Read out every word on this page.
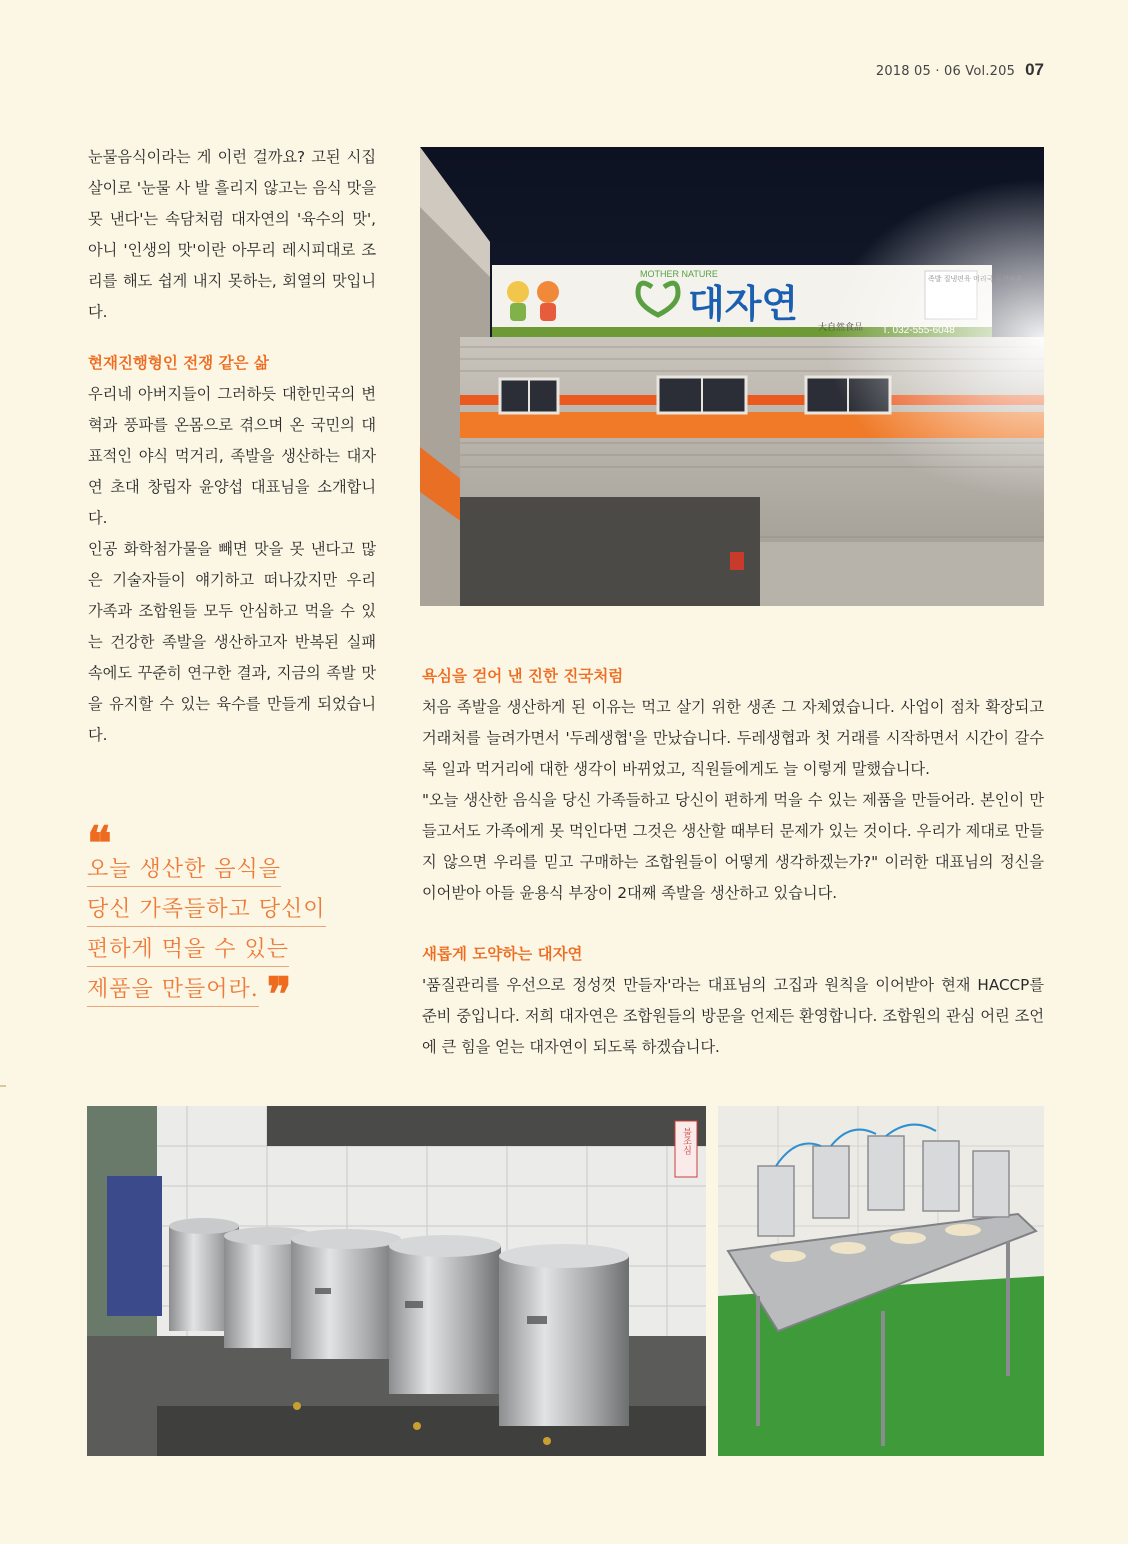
2018 05 · 06 Vol.205 07

눈물음식이라는 게 이런 걸까요? 고된 시집살이로 '눈물 사 발 흘리지 않고는 음식 맛을 못 낸다'는 속담처럼 대자연의 '육수의 맛', 아니 '인생의 맛'이란 아무리 레시피대로 조리를 해도 쉽게 내지 못하는, 회열의 맛입니다.

현재진행형인 전쟁 같은 삶

우리네 아버지들이 그러하듯 대한민국의 변혁과 풍파를 온몸으로 겪으며 온 국민의 대표적인 야식 먹거리, 족발을 생산하는 대자연 초대 창립자 윤양섭 대표님을 소개합니다.

인공 화학첨가물을 빼면 맛을 못 낸다고 많은 기술자들이 얘기하고 떠나갔지만 우리 가족과 조합원들 모두 안심하고 먹을 수 있는 건강한 족발을 생산하고자 반복된 실패 속에도 꾸준히 연구한 결과, 지금의 족발 맛을 유지할 수 있는 육수를 만들게 되었습니다.

❝
오늘 생산한 음식을
당신 가족들하고 당신이
편하게 먹을 수 있는
제품을 만들어라. ❞
욕심을 걷어 낸 진한 진국처럼

처음 족발을 생산하게 된 이유는 먹고 살기 위한 생존 그 자체였습니다. 사업이 점차 확장되고 거래처를 늘려가면서 '두레생협'을 만났습니다. 두레생협과 첫 거래를 시작하면서 시간이 갈수록 일과 먹거리에 대한 생각이 바뀌었고, 직원들에게도 늘 이렇게 말했습니다.

"오늘 생산한 음식을 당신 가족들하고 당신이 편하게 먹을 수 있는 제품을 만들어라. 본인이 만들고서도 가족에게 못 먹인다면 그것은 생산할 때부터 문제가 있는 것이다. 우리가 제대로 만들지 않으면 우리를 믿고 구매하는 조합원들이 어떻게 생각하겠는가?" 이러한 대표님의 정신을 이어받아 아들 윤용식 부장이 2대째 족발을 생산하고 있습니다.

새롭게 도약하는 대자연

'품질관리를 우선으로 정성껏 만들자'라는 대표님의 고집과 원칙을 이어받아 현재 HACCP를 준비 중입니다. 저희 대자연은 조합원들의 방문을 언제든 환영합니다. 조합원의 관심 어린 조언에 큰 힘을 얻는 대자연이 되도록 하겠습니다.

불조심
